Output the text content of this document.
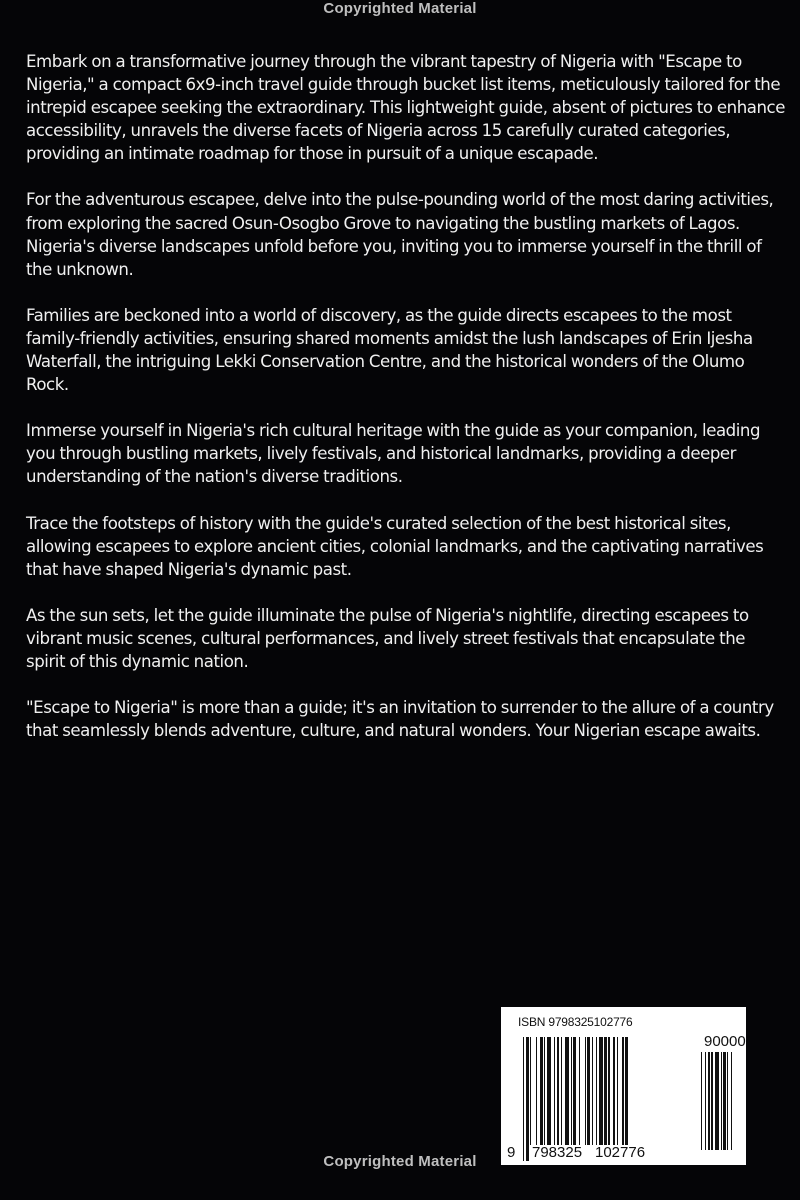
Copyrighted Material

Embark on a transformative journey through the vibrant tapestry of Nigeria with "Escape to Nigeria," a compact 6x9-inch travel guide through bucket list items, meticulously tailored for the intrepid escapee seeking the extraordinary. This lightweight guide, absent of pictures to enhance accessibility, unravels the diverse facets of Nigeria across 15 carefully curated categories, providing an intimate roadmap for those in pursuit of a unique escapade.

For the adventurous escapee, delve into the pulse-pounding world of the most daring activities, from exploring the sacred Osun-Osogbo Grove to navigating the bustling markets of Lagos. Nigeria's diverse landscapes unfold before you, inviting you to immerse yourself in the thrill of the unknown.

Families are beckoned into a world of discovery, as the guide directs escapees to the most family-friendly activities, ensuring shared moments amidst the lush landscapes of Erin Ijesha Waterfall, the intriguing Lekki Conservation Centre, and the historical wonders of the Olumo Rock.

Immerse yourself in Nigeria's rich cultural heritage with the guide as your companion, leading you through bustling markets, lively festivals, and historical landmarks, providing a deeper understanding of the nation's diverse traditions.

Trace the footsteps of history with the guide's curated selection of the best historical sites, allowing escapees to explore ancient cities, colonial landmarks, and the captivating narratives that have shaped Nigeria's dynamic past.

As the sun sets, let the guide illuminate the pulse of Nigeria's nightlife, directing escapees to vibrant music scenes, cultural performances, and lively street festivals that encapsulate the spirit of this dynamic nation.

"Escape to Nigeria" is more than a guide; it's an invitation to surrender to the allure of a country that seamlessly blends adventure, culture, and natural wonders. Your Nigerian escape awaits.

ISBN 9798325102776
9 798325 102776
90000
Copyrighted Material
